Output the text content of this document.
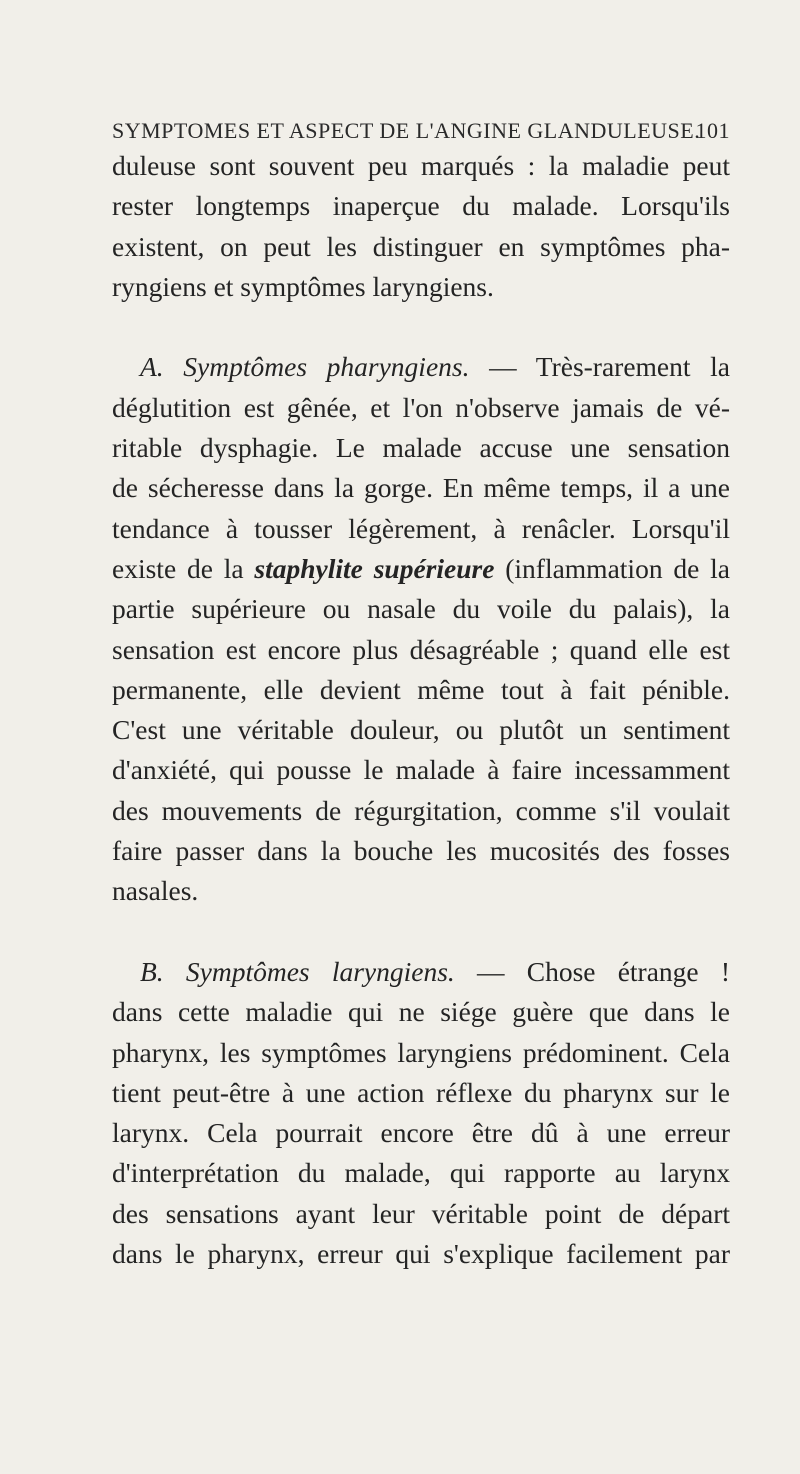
SYMPTOMES ET ASPECT DE L'ANGINE GLANDULEUSE.
101
duleuse sont souvent peu marqués : la maladie peut
rester longtemps inaperçue du malade. Lorsqu'ils
existent, on peut les distinguer en symptômes pha-
ryngiens et symptômes laryngiens.
A. Symptômes pharyngiens. — Très-rarement la
déglutition est gênée, et l'on n'observe jamais de vé-
ritable dysphagie. Le malade accuse une sensation
de sécheresse dans la gorge. En même temps, il a une
tendance à tousser légèrement, à renâcler. Lorsqu'il
existe de la staphylite supérieure (inflammation de la
partie supérieure ou nasale du voile du palais), la
sensation est encore plus désagréable ; quand elle est
permanente, elle devient même tout à fait pénible.
C'est une véritable douleur, ou plutôt un sentiment
d'anxiété, qui pousse le malade à faire incessamment
des mouvements de régurgitation, comme s'il voulait
faire passer dans la bouche les mucosités des fosses
nasales.
B. Symptômes laryngiens. — Chose étrange !
dans cette maladie qui ne siége guère que dans le
pharynx, les symptômes laryngiens prédominent. Cela
tient peut-être à une action réflexe du pharynx sur le
larynx. Cela pourrait encore être dû à une erreur
d'interprétation du malade, qui rapporte au larynx
des sensations ayant leur véritable point de départ
dans le pharynx, erreur qui s'explique facilement par
